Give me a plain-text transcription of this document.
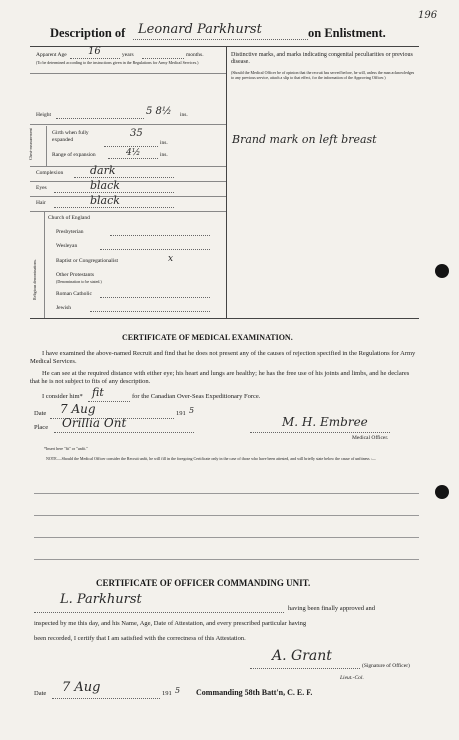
196
Description of Leonard Parkhurst	on Enlistment.
Apparent Age 16	years	months.
(To be determined according to the instructions given in the Regulations for Army Medical Services.)
Height	5 8½ ins.
Chest-measurement	Girth when fully expanded
35
ins.
Range of expansion	4½	ins.
Complexion dark
Eyes	black
Hair	black
Religious denominations.
Church of England
Presbyterian
Wesleyan
Baptist or Congregationalist	x
Other Protestants
(Denomination to be stated.)
Roman Catholic
Jewish
Distinctive marks, and marks indicating congenital peculiarities or previous disease.
(Should the Medical Officer be of opinion that the recruit has served before, he will, unless the man acknowledges to any previous service, attach a slip to that effect, for the information of the Approving Officer.)
Brand mark on left breast
CERTIFICATE OF MEDICAL EXAMINATION.
I have examined the above-named Recruit and find that he does not present any of the causes of rejection specified in the Regulations for Army Medical Services.
He can see at the required distance with either eye; his heart and lungs are healthy; he has the free use of his joints and limbs, and he declares that he is not subject to fits of any description.
I consider him* fit	for the Canadian Over-Seas Expeditionary Force.
Date 7 Aug	191 5
Place Orillia Ont	M. H. Embree
Medical Officer.
*Insert here "fit" or "unfit."
NOTE.—Should the Medical Officer consider the Recruit unfit, he will fill in the foregoing Certificate only in the case of those who have been attested, and will briefly state below the cause of unfitness :—
CERTIFICATE OF OFFICER COMMANDING UNIT.
L. Parkhurst
having been finally approved and
inspected by me this day, and his Name, Age, Date of Attestation, and every prescribed particular having
been recorded, I certify that I am satisfied with the correctness of this Attestation.
A. Grant
(Signature of Officer)
Lieut.-Col.
Date 7 Aug	191 5 Commanding 58th Batt'n, C. E. F.
